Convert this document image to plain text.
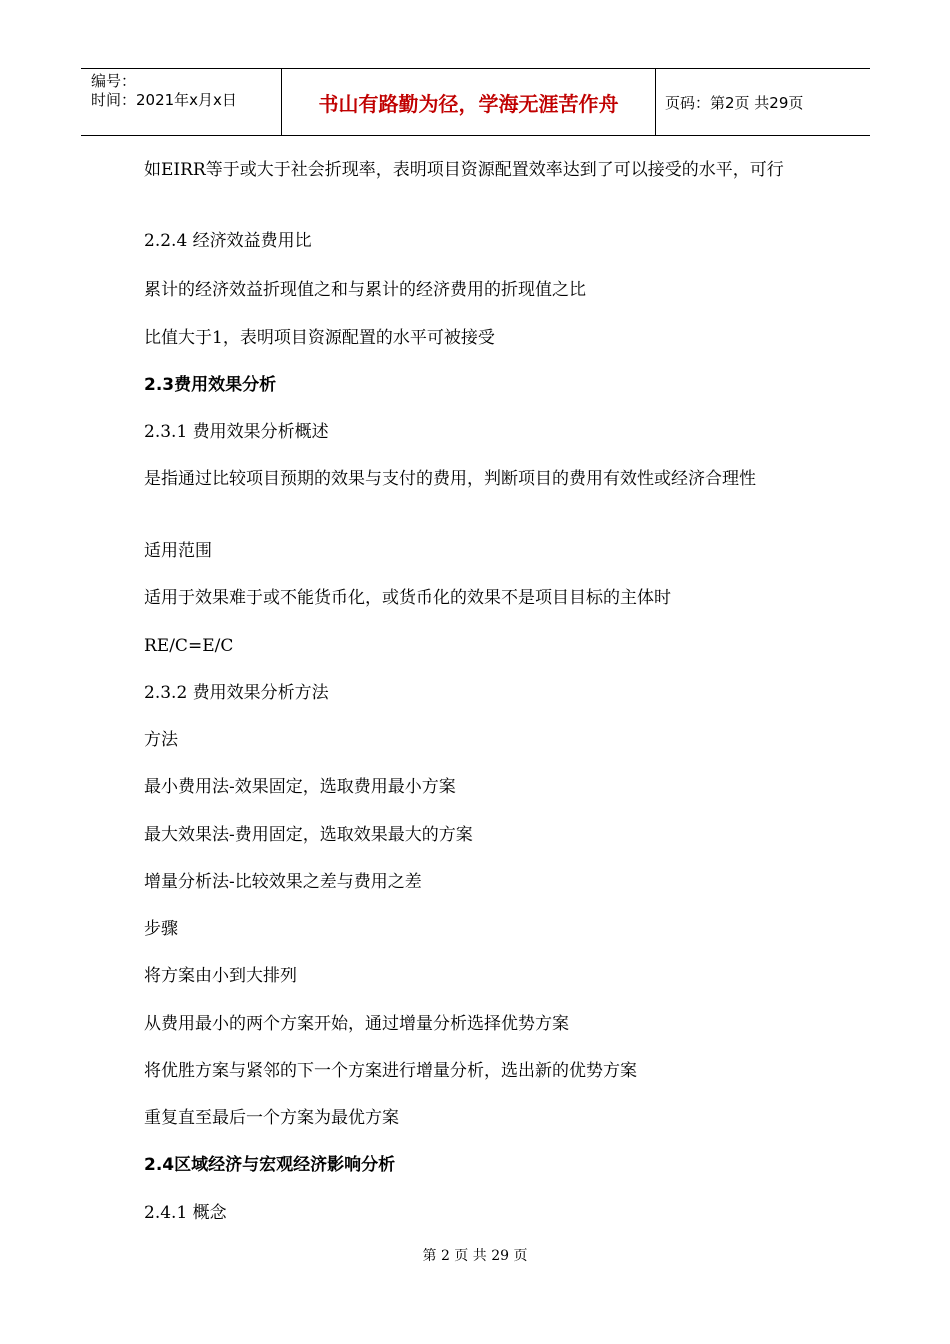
编号：
时间：2021年x月x日	书山有路勤为径，学海无涯苦作舟	页码：第2页 共29页
如EIRR等于或大于社会折现率，表明项目资源配置效率达到了可以接受的水平，可行
2.2.4 经济效益费用比
累计的经济效益折现值之和与累计的经济费用的折现值之比
比值大于1，表明项目资源配置的水平可被接受
2.3费用效果分析
2.3.1 费用效果分析概述
是指通过比较项目预期的效果与支付的费用，判断项目的费用有效性或经济合理性
适用范围
适用于效果难于或不能货币化，或货币化的效果不是项目目标的主体时
RE/C=E/C
2.3.2 费用效果分析方法
方法
最小费用法-效果固定，选取费用最小方案
最大效果法-费用固定，选取效果最大的方案
增量分析法-比较效果之差与费用之差
步骤
将方案由小到大排列
从费用最小的两个方案开始，通过增量分析选择优势方案
将优胜方案与紧邻的下一个方案进行增量分析，选出新的优势方案
重复直至最后一个方案为最优方案
2.4区域经济与宏观经济影响分析
2.4.1 概念
第 2 页 共 29 页
